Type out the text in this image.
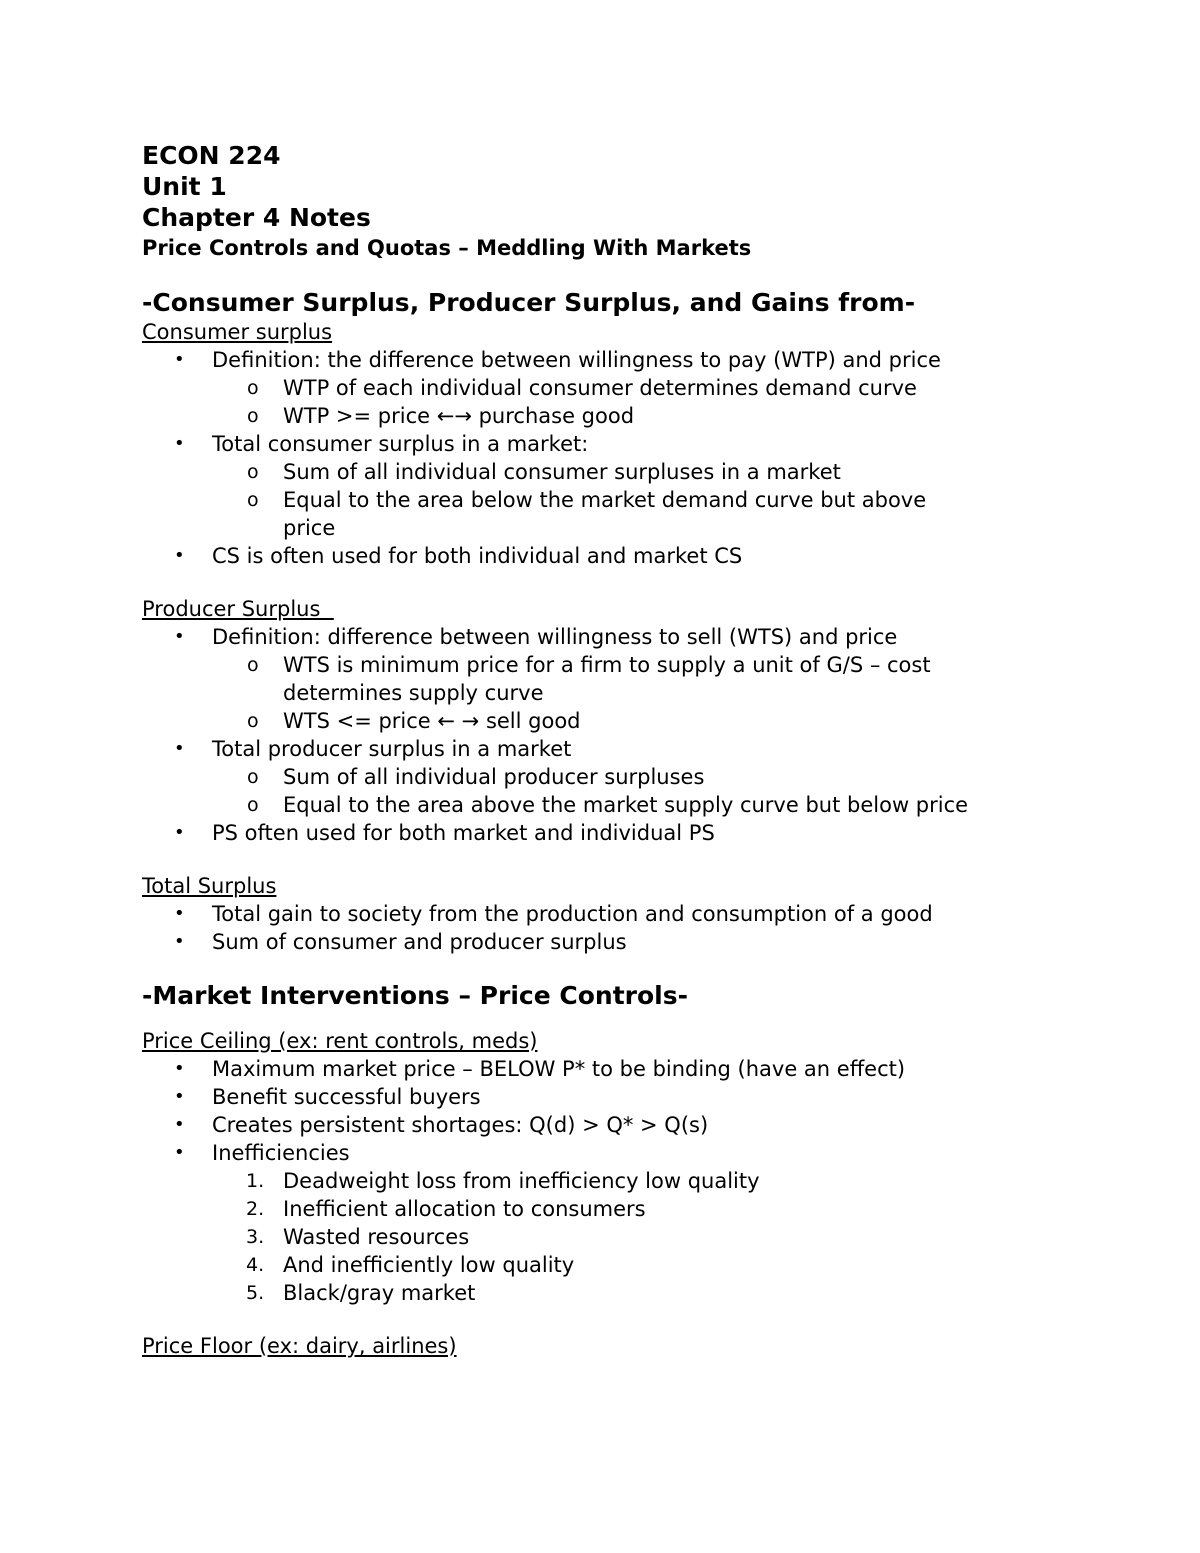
ECON 224

Unit 1

Chapter 4 Notes

Price Controls and Quotas – Meddling With Markets

-Consumer Surplus, Producer Surplus, and Gains from-

Consumer surplus

• Definition: the difference between willingness to pay (WTP) and price

o WTP of each individual consumer determines demand curve

o WTP >= price ←→ purchase good

• Total consumer surplus in a market:

o Sum of all individual consumer surpluses in a market

o Equal to the area below the market demand curve but above

price

• CS is often used for both individual and market CS

Producer Surplus

• Definition: difference between willingness to sell (WTS) and price

o WTS is minimum price for a firm to supply a unit of G/S – cost

determines supply curve

o WTS <= price ← → sell good

• Total producer surplus in a market

o Sum of all individual producer surpluses

o Equal to the area above the market supply curve but below price

• PS often used for both market and individual PS

Total Surplus

• Total gain to society from the production and consumption of a good

• Sum of consumer and producer surplus

-Market Interventions – Price Controls-

Price Ceiling (ex: rent controls, meds)

• Maximum market price – BELOW P* to be binding (have an effect)

• Benefit successful buyers

• Creates persistent shortages: Q(d) > Q* > Q(s)

• Inefficiencies

1. Deadweight loss from inefficiency low quality

2. Inefficient allocation to consumers

3. Wasted resources

4. And inefficiently low quality

5. Black/gray market

Price Floor (ex: dairy, airlines)
